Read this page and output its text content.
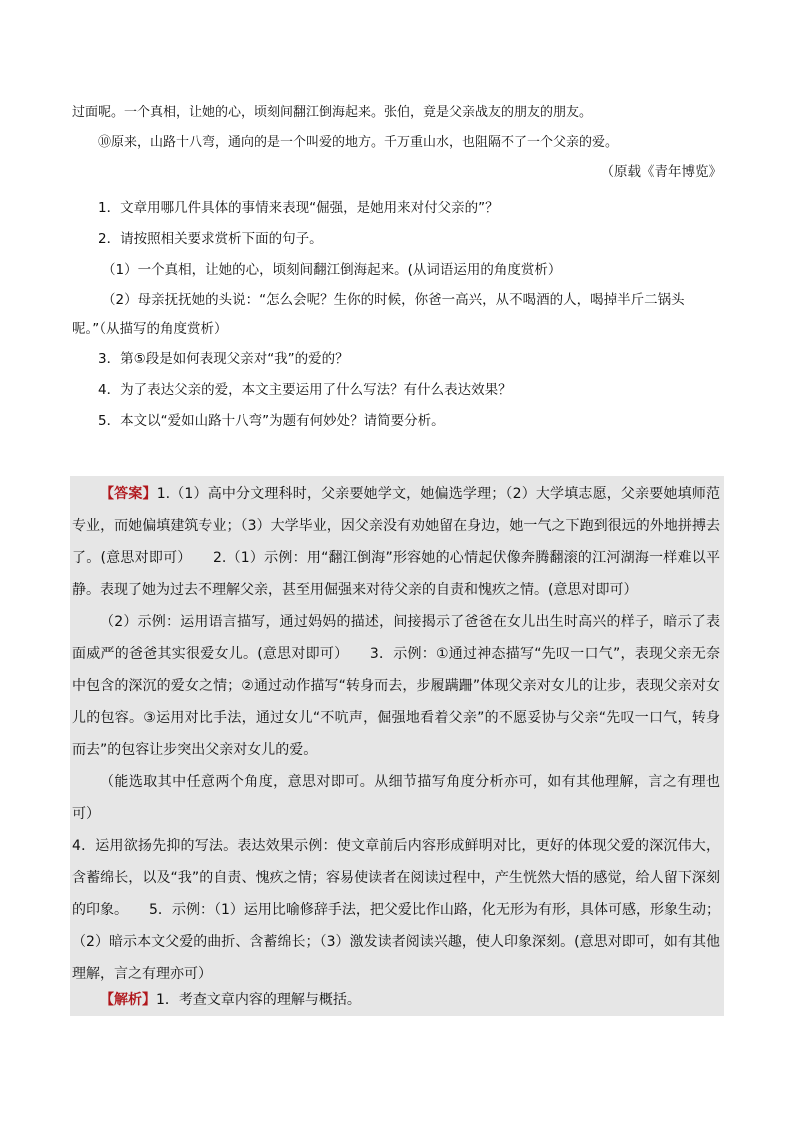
过面呢。一个真相，让她的心，顷刻间翻江倒海起来。张伯，竟是父亲战友的朋友的朋友。

⑩原来，山路十八弯，通向的是一个叫爱的地方。千万重山水，也阻隔不了一个父亲的爱。

（原载《青年博览》

1．文章用哪几件具体的事情来表现“倔强，是她用来对付父亲的”？

2．请按照相关要求赏析下面的句子。

（1）一个真相，让她的心，顷刻间翻江倒海起来。(从词语运用的角度赏析）

（2）母亲抚抚她的头说：“怎么会呢？生你的时候，你爸一高兴，从不喝酒的人，喝掉半斤二锅头呢。”（从描写的角度赏析）

3．第⑤段是如何表现父亲对“我”的爱的？

4．为了表达父亲的爱，本文主要运用了什么写法？有什么表达效果？

5．本文以“爱如山路十八弯”为题有何妙处？请简要分析。

【答案】1.（1）高中分文理科时，父亲要她学文，她偏选学理；（2）大学填志愿，父亲要她填师范专业，而她偏填建筑专业；（3）大学毕业，因父亲没有劝她留在身边，她一气之下跑到很远的外地拼搏去了。(意思对即可）　　2.（1）示例：用“翻江倒海”形容她的心情起伏像奔腾翻滚的江河湖海一样难以平静。表现了她为过去不理解父亲，甚至用倔强来对待父亲的自责和愧疚之情。(意思对即可）

（2）示例：运用语言描写，通过妈妈的描述，间接揭示了爸爸在女儿出生时高兴的样子，暗示了表面威严的爸爸其实很爱女儿。(意思对即可）　　3．示例：①通过神态描写“先叹一口气”，表现父亲无奈中包含的深沉的爱女之情；②通过动作描写“转身而去，步履蹒跚”体现父亲对女儿的让步，表现父亲对女儿的包容。③运用对比手法，通过女儿“不吭声，倔强地看着父亲”的不愿妥协与父亲“先叹一口气，转身而去”的包容让步突出父亲对女儿的爱。

（能选取其中任意两个角度，意思对即可。从细节描写角度分析亦可，如有其他理解，言之有理也可）

4．运用欲扬先抑的写法。表达效果示例：使文章前后内容形成鲜明对比，更好的体现父爱的深沉伟大，含蓄绵长，以及“我”的自责、愧疚之情；容易使读者在阅读过程中，产生恍然大悟的感觉，给人留下深刻的印象。　　5．示例：（1）运用比喻修辞手法，把父爱比作山路，化无形为有形，具体可感，形象生动；（2）暗示本文父爱的曲折、含蓄绵长；（3）激发读者阅读兴趣，使人印象深刻。(意思对即可，如有其他理解，言之有理亦可）

【解析】1．考查文章内容的理解与概括。
